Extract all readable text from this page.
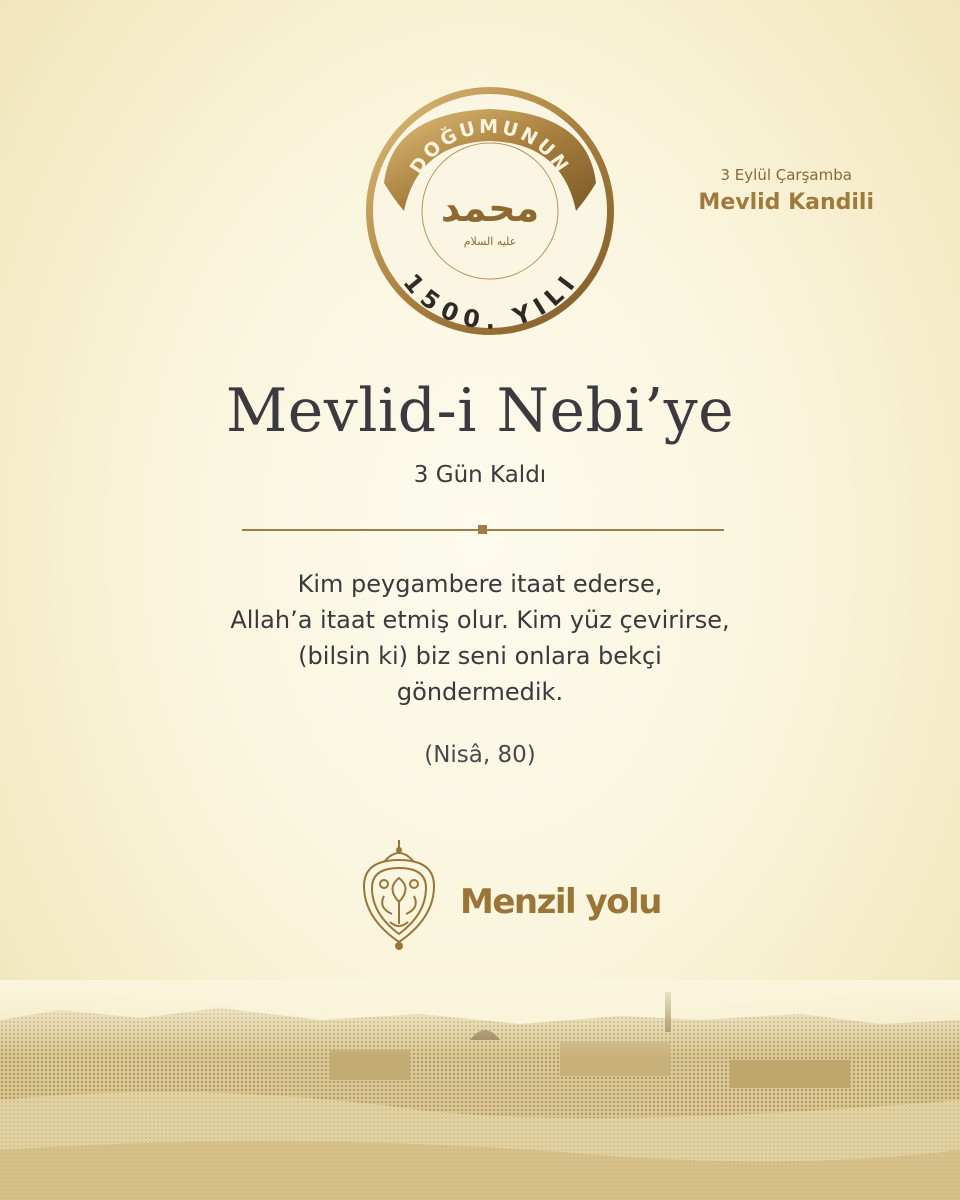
DOĞUMUNUN
1500. YILI
محمد
عليه السلام
3 Eylül Çarşamba
Mevlid Kandili
Mevlid-i Nebi’ye
3 Gün Kaldı
Kim peygambere itaat ederse,
Allah’a itaat etmiş olur. Kim yüz çevirirse,
(bilsin ki) biz seni onlara bekçi
göndermedik.
(Nisâ, 80)
Menzil yolu
